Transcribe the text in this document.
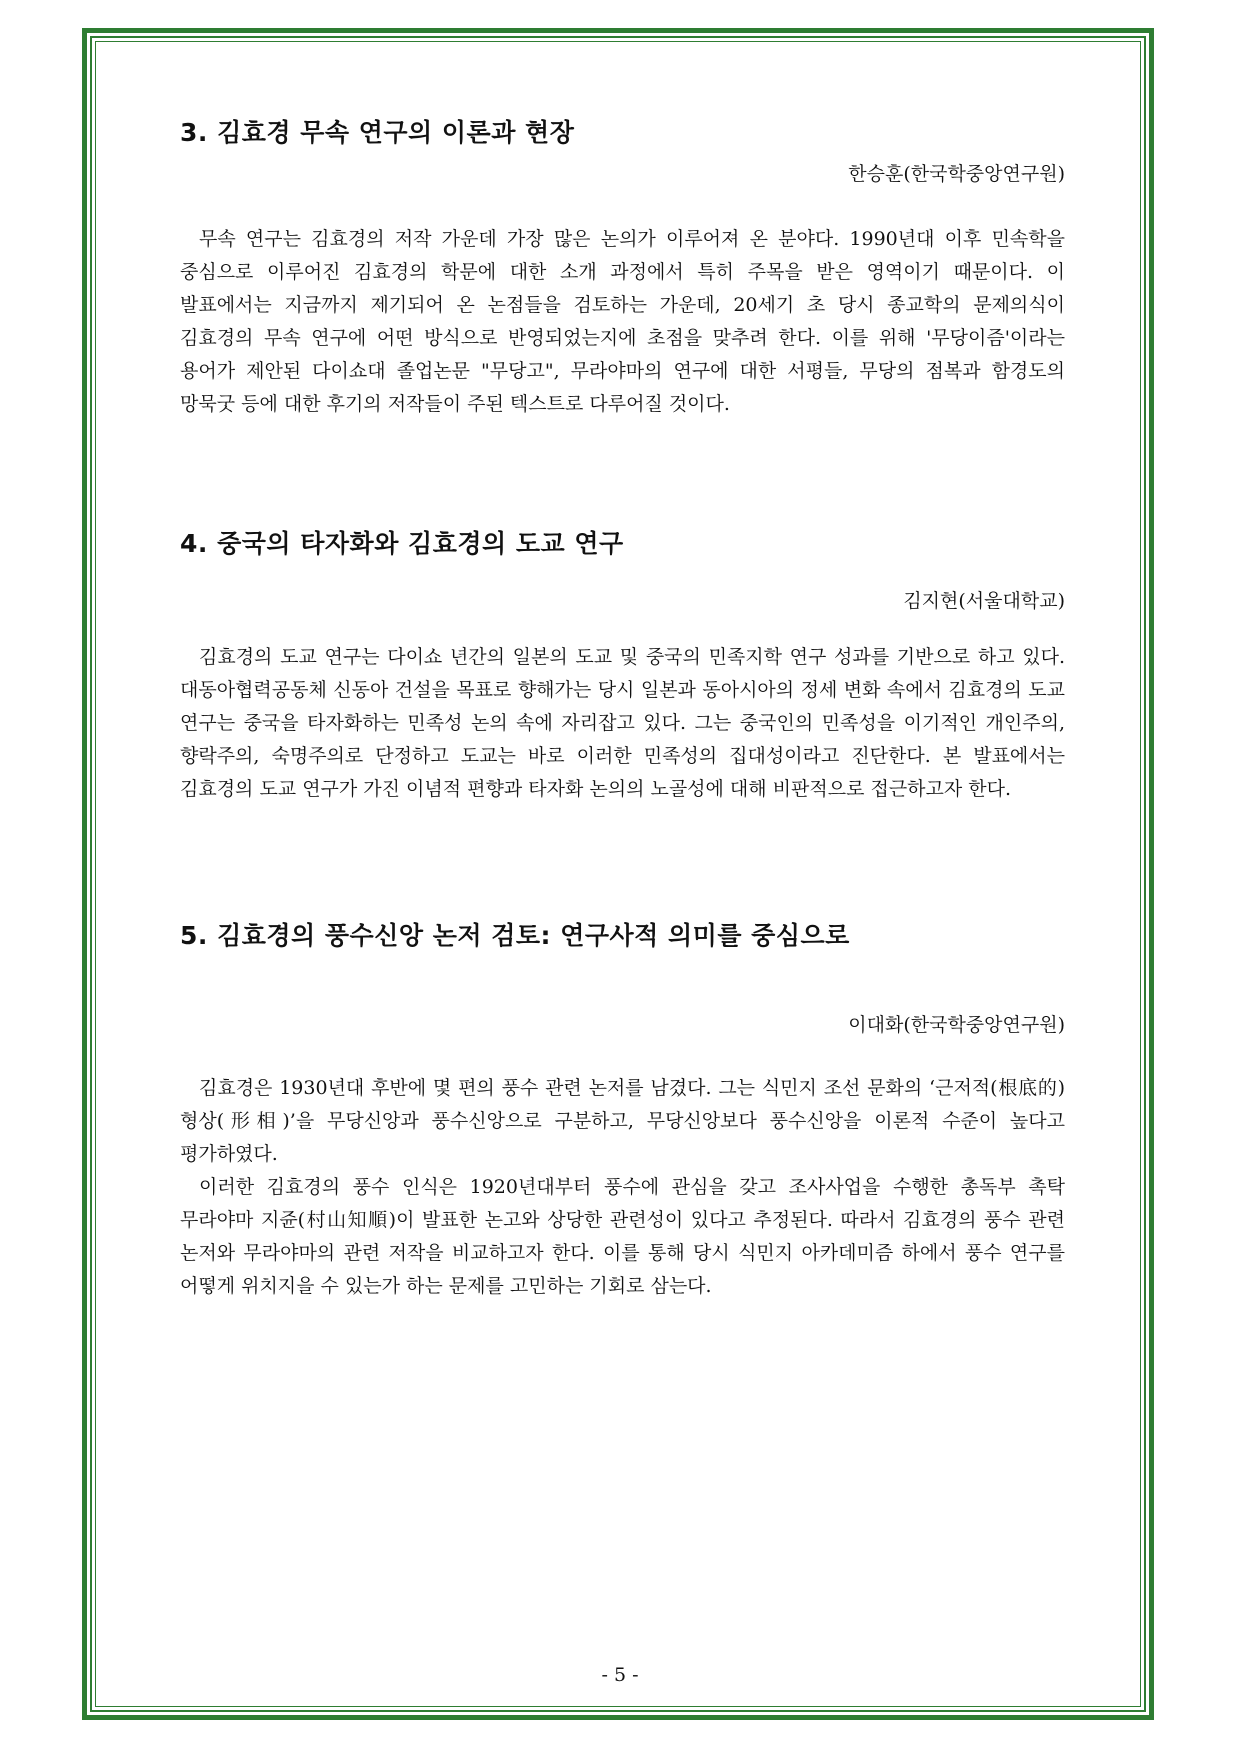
3. 김효경 무속 연구의 이론과 현장

한승훈(한국학중앙연구원)

무속 연구는 김효경의 저작 가운데 가장 많은 논의가 이루어져 온 분야다. 1990년대 이후 민속학을 중심으로 이루어진 김효경의 학문에 대한 소개 과정에서 특히 주목을 받은 영역이기 때문이다. 이 발표에서는 지금까지 제기되어 온 논점들을 검토하는 가운데, 20세기 초 당시 종교학의 문제의식이 김효경의 무속 연구에 어떤 방식으로 반영되었는지에 초점을 맞추려 한다. 이를 위해 '무당이즘'이라는 용어가 제안된 다이쇼대 졸업논문 "무당고", 무라야마의 연구에 대한 서평들, 무당의 점복과 함경도의 망묵굿 등에 대한 후기의 저작들이 주된 텍스트로 다루어질 것이다.

4. 중국의 타자화와 김효경의 도교 연구

김지현(서울대학교)

김효경의 도교 연구는 다이쇼 년간의 일본의 도교 및 중국의 민족지학 연구 성과를 기반으로 하고 있다. 대동아협력공동체 신동아 건설을 목표로 향해가는 당시 일본과 동아시아의 정세 변화 속에서 김효경의 도교 연구는 중국을 타자화하는 민족성 논의 속에 자리잡고 있다. 그는 중국인의 민족성을 이기적인 개인주의, 향락주의, 숙명주의로 단정하고 도교는 바로 이러한 민족성의 집대성이라고 진단한다. 본 발표에서는 김효경의 도교 연구가 가진 이념적 편향과 타자화 논의의 노골성에 대해 비판적으로 접근하고자 한다.

5. 김효경의 풍수신앙 논저 검토: 연구사적 의미를 중심으로

이대화(한국학중앙연구원)

김효경은 1930년대 후반에 몇 편의 풍수 관련 논저를 남겼다. 그는 식민지 조선 문화의 ‘근저적(根底的) 형상(形相)’을 무당신앙과 풍수신앙으로 구분하고, 무당신앙보다 풍수신앙을 이론적 수준이 높다고 평가하였다.

이러한 김효경의 풍수 인식은 1920년대부터 풍수에 관심을 갖고 조사사업을 수행한 총독부 촉탁 무라야마 지쥰(村山知順)이 발표한 논고와 상당한 관련성이 있다고 추정된다. 따라서 김효경의 풍수 관련 논저와 무라야마의 관련 저작을 비교하고자 한다. 이를 통해 당시 식민지 아카데미즘 하에서 풍수 연구를 어떻게 위치지을 수 있는가 하는 문제를 고민하는 기회로 삼는다.

- 5 -
